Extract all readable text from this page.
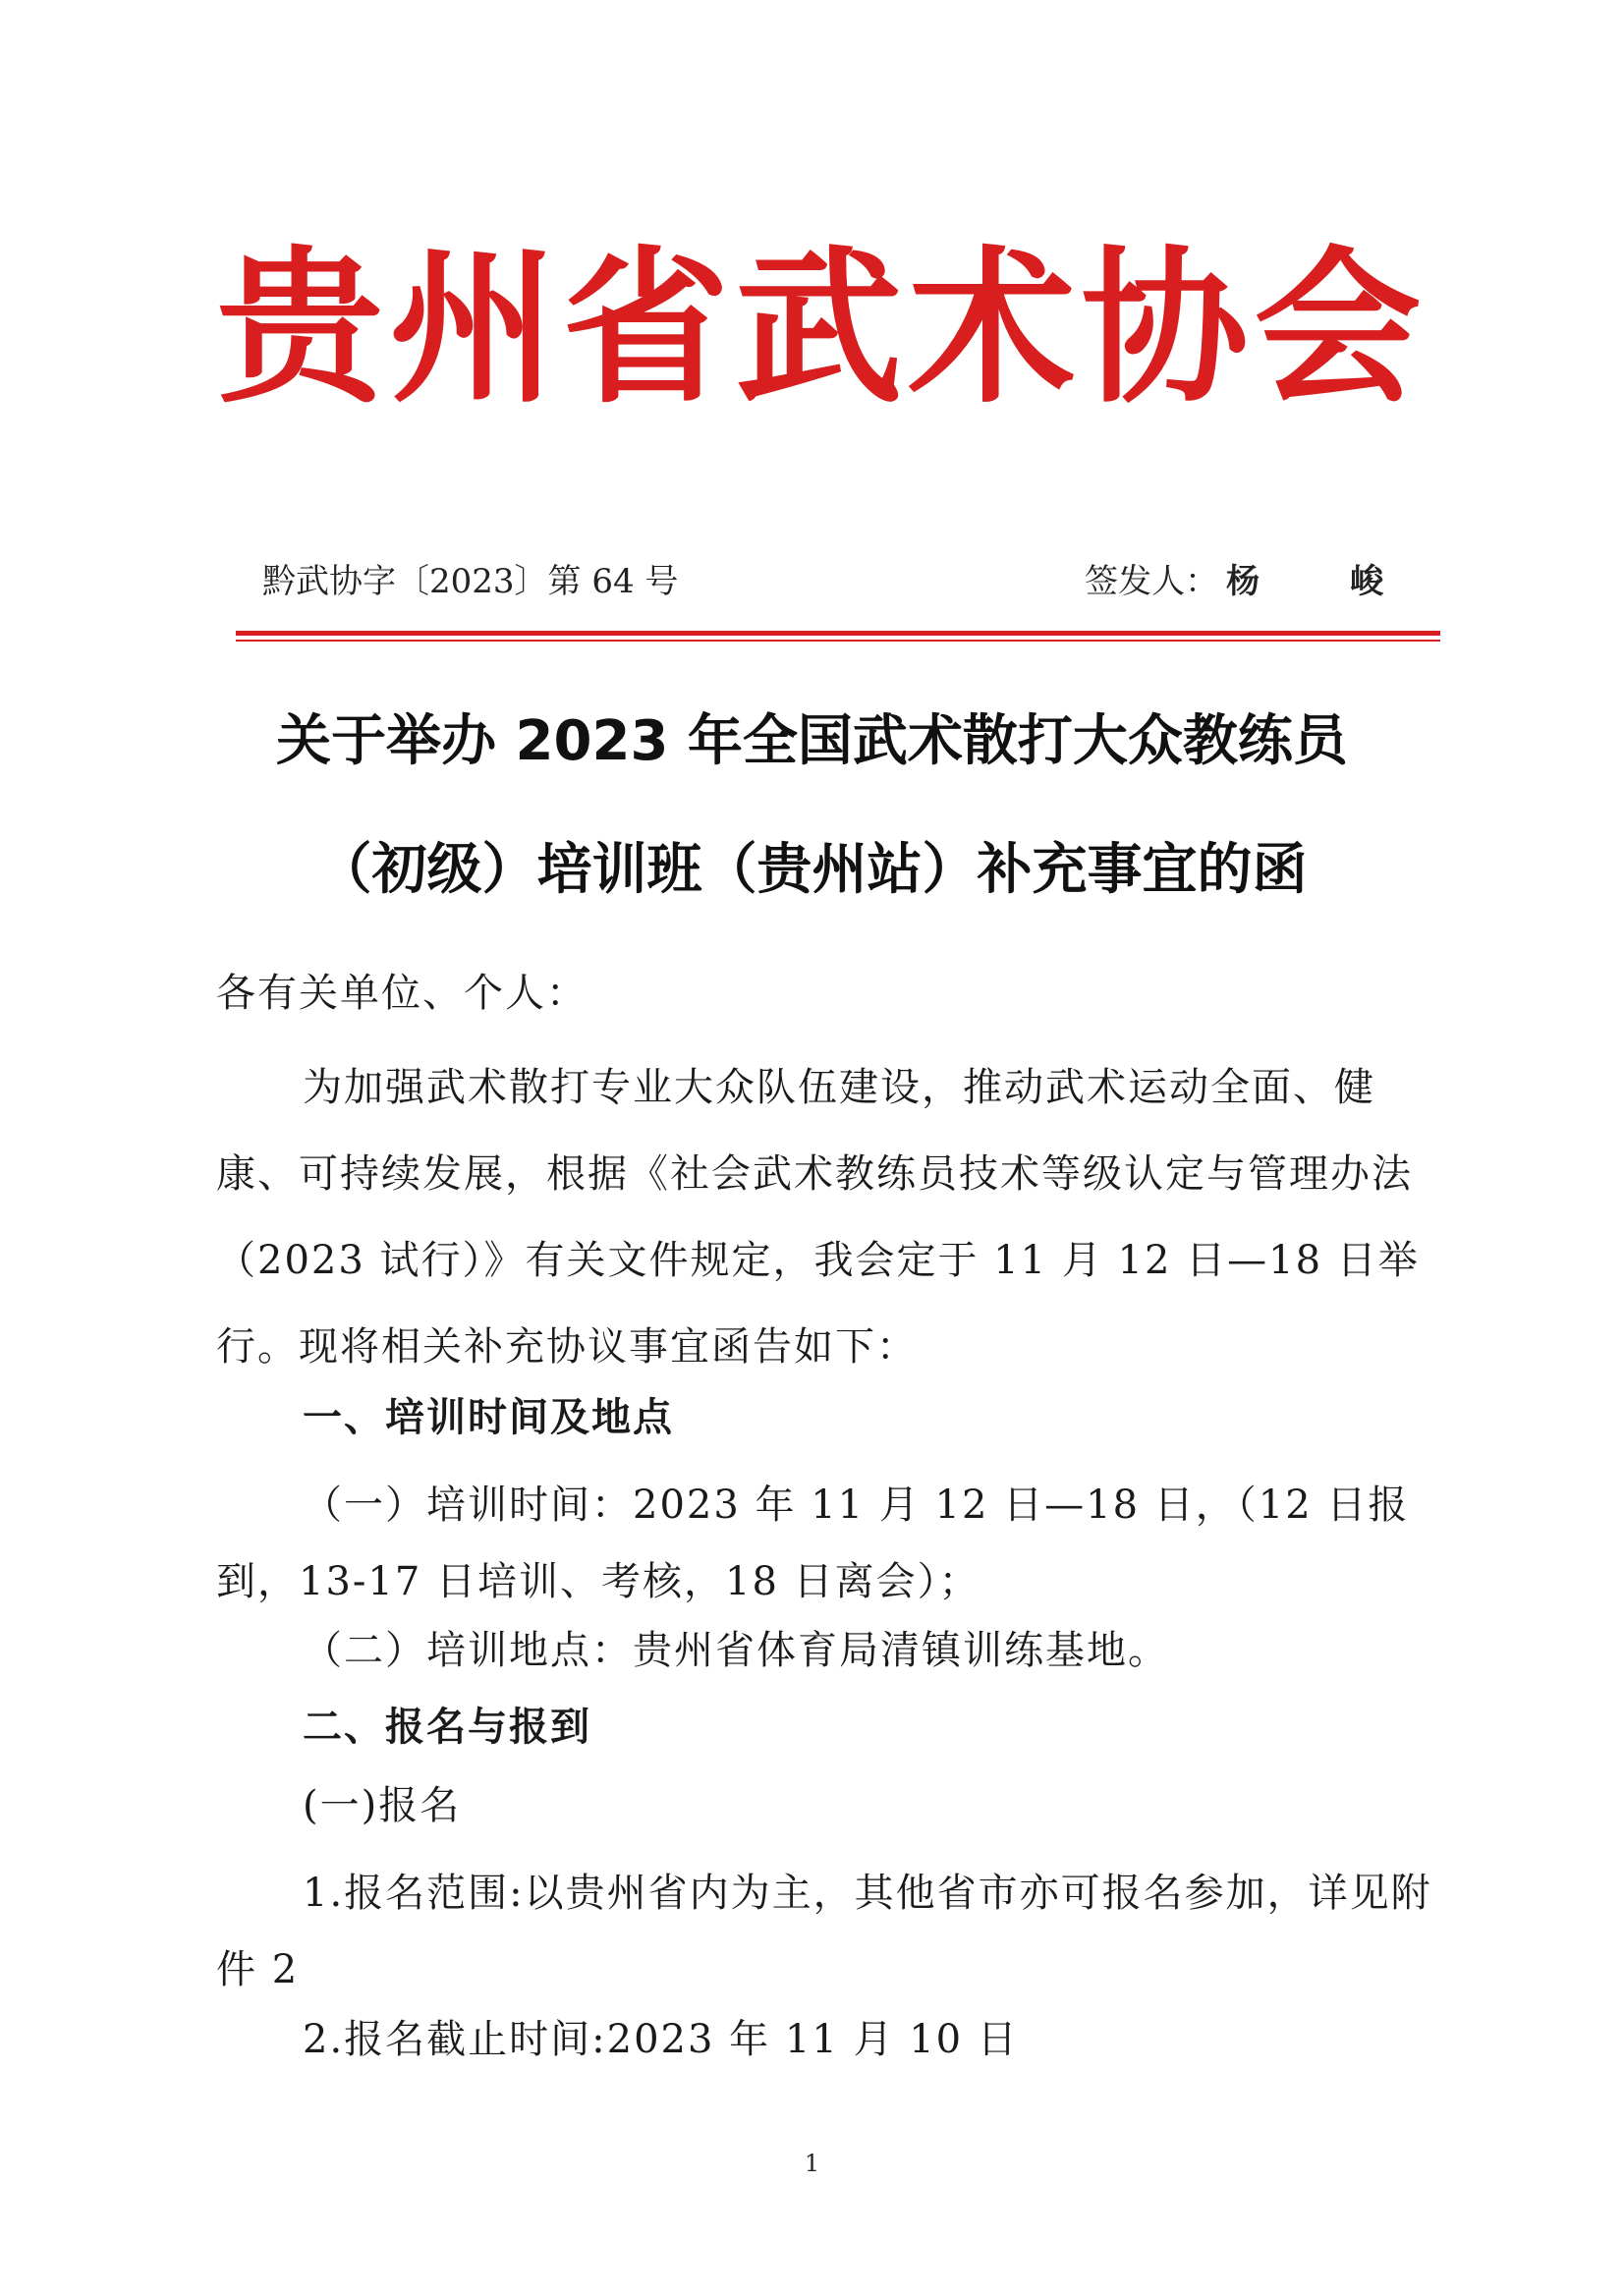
贵州省武术协会
黔武协字〔2023〕第 64 号	签发人： 杨 峻
关于举办 2023 年全国武术散打大众教练员
（初级）培训班（贵州站）补充事宜的函
各有关单位、个人：
为加强武术散打专业大众队伍建设，推动武术运动全面、健康、可持续发展，根据《社会武术教练员技术等级认定与管理办法（2023 试行）》有关文件规定，我会定于 11 月 12 日—18 日举行。现将相关补充协议事宜函告如下：
一、培训时间及地点
（一）培训时间：2023 年 11 月 12 日—18 日，（12 日报到，13-17 日培训、考核，18 日离会）；
（二）培训地点：贵州省体育局清镇训练基地。
二、报名与报到
(一)报名
1.报名范围:以贵州省内为主，其他省市亦可报名参加，详见附件 2
2.报名截止时间:2023 年 11 月 10 日
1
